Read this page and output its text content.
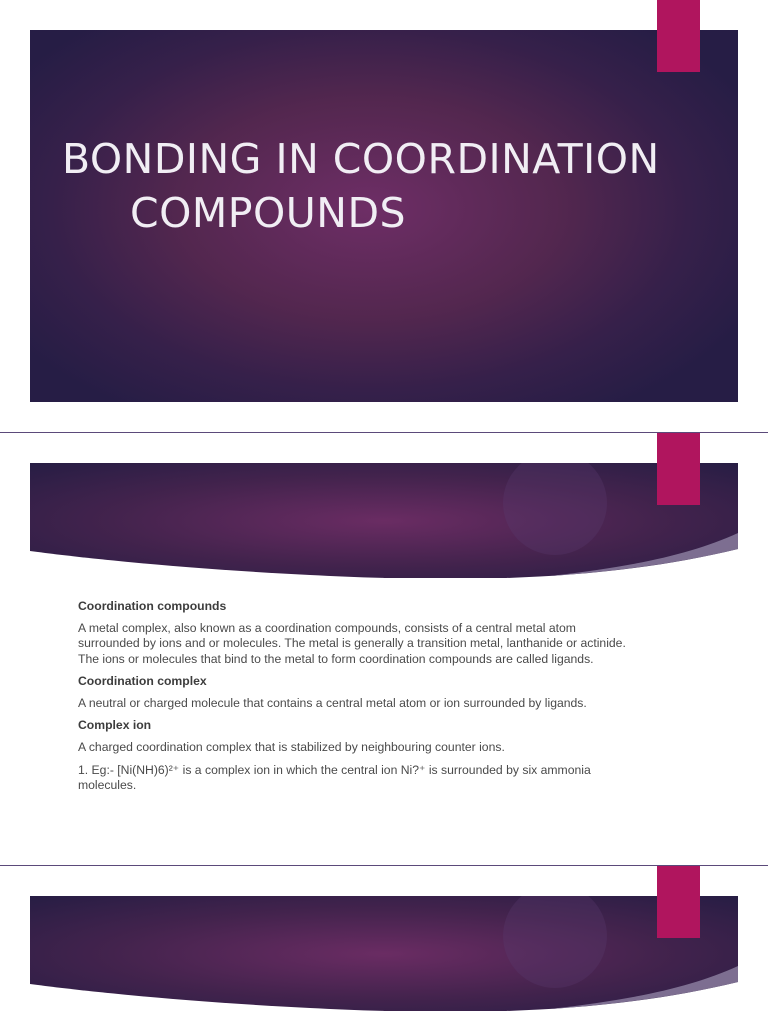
BONDING IN COORDINATION
COMPOUNDS

Coordination compounds

A metal complex, also known as a coordination compounds, consists of a central metal atom surrounded by ions and or molecules. The metal is generally a transition metal, lanthanide or actinide. The ions or molecules that bind to the metal to form coordination compounds are called ligands.

Coordination complex

A neutral or charged molecule that contains a central metal atom or ion surrounded by ligands.

Complex ion

A charged coordination complex that is stabilized by neighbouring counter ions.

1. Eg:- [Ni(NH)6)²⁺ is a complex ion in which the central ion Ni?⁺ is surrounded by six ammonia molecules.
